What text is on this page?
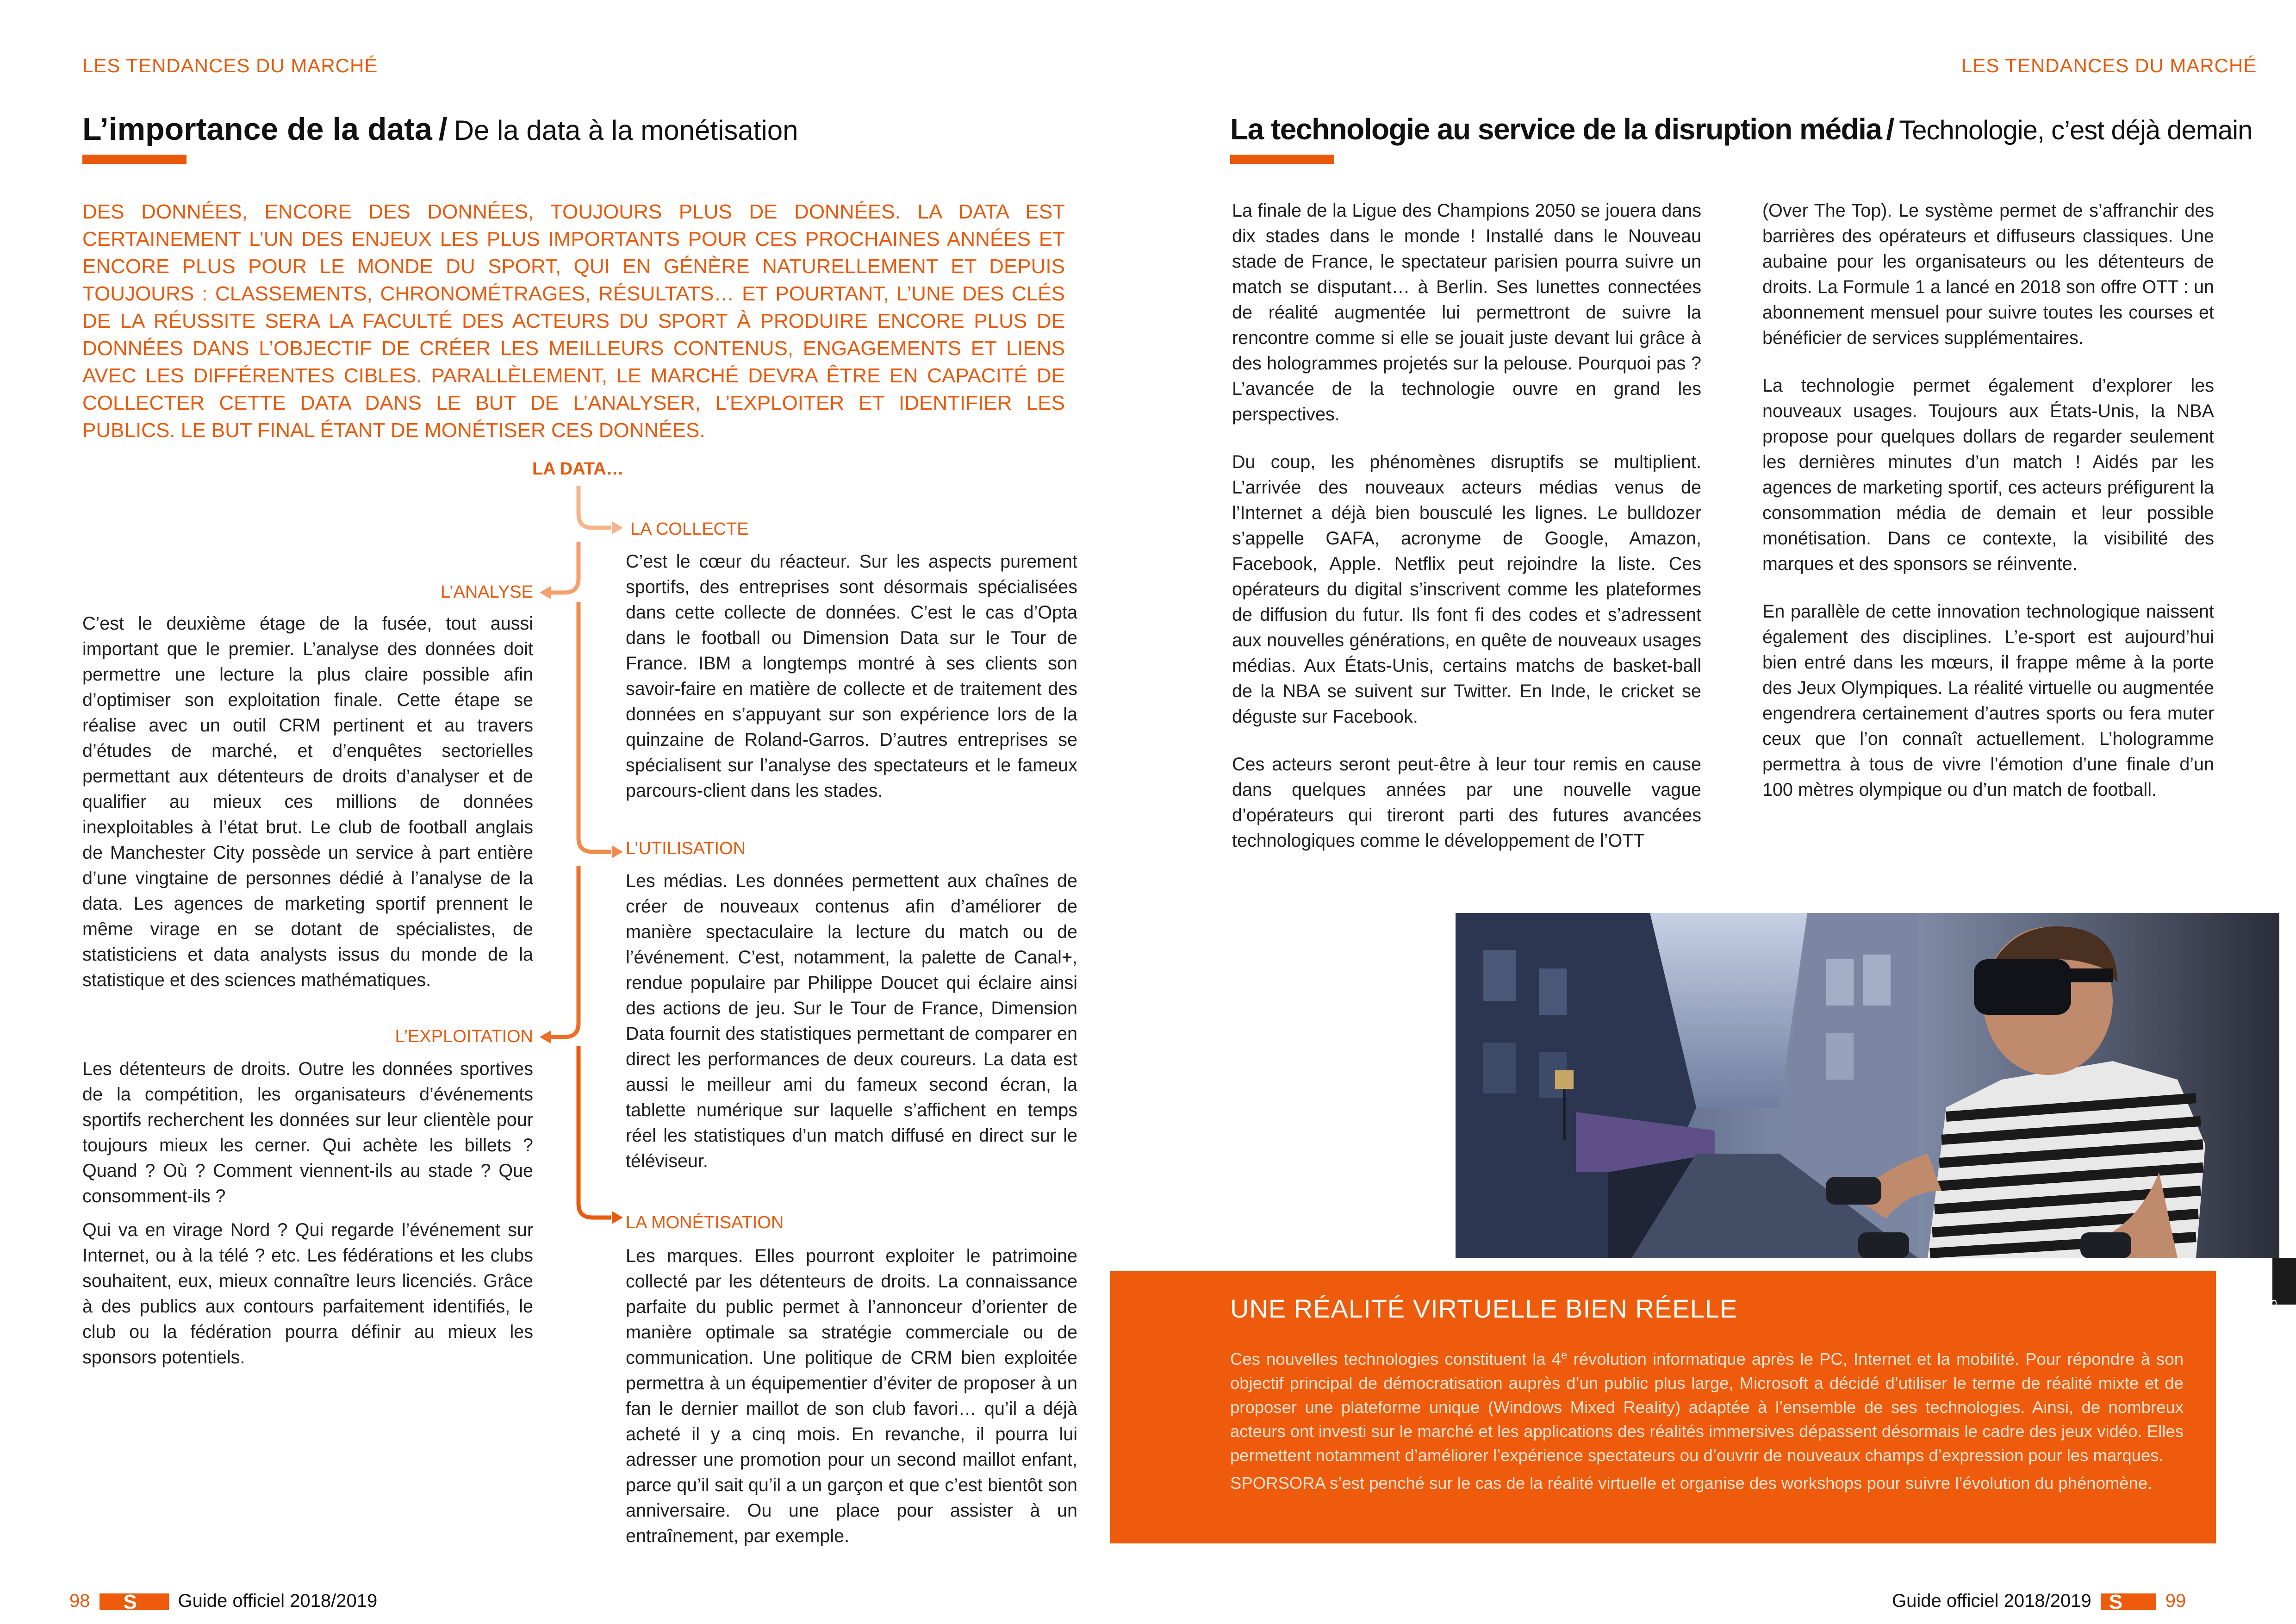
LES TENDANCES DU MARCHÉ
L’importance de la data / De la data à la monétisation
DES DONNÉES, ENCORE DES DONNÉES, TOUJOURS PLUS DE DONNÉES. LA DATA EST CERTAINEMENT L’UN DES ENJEUX LES PLUS IMPORTANTS POUR CES PROCHAINES ANNÉES ET ENCORE PLUS POUR LE MONDE DU SPORT, QUI EN GÉNÈRE NATURELLEMENT ET DEPUIS TOUJOURS : CLASSEMENTS, CHRONOMÉTRAGES, RÉSULTATS… ET POURTANT, L’UNE DES CLÉS DE LA RÉUSSITE SERA LA FACULTÉ DES ACTEURS DU SPORT À PRODUIRE ENCORE PLUS DE DONNÉES DANS L’OBJECTIF DE CRÉER LES MEILLEURS CONTENUS, ENGAGEMENTS ET LIENS AVEC LES DIFFÉRENTES CIBLES. PARALLÈLEMENT, LE MARCHÉ DEVRA ÊTRE EN CAPACITÉ DE COLLECTER CETTE DATA DANS LE BUT DE L’ANALYSER, L’EXPLOITER ET IDENTIFIER LES PUBLICS. LE BUT FINAL ÉTANT DE MONÉTISER CES DONNÉES.
LA DATA…
LA COLLECTE
C’est le cœur du réacteur. Sur les aspects purement sportifs, des entreprises sont désormais spécialisées dans cette collecte de données. C’est le cas d’Opta dans le football ou Dimension Data sur le Tour de France. IBM a longtemps montré à ses clients son savoir-faire en matière de collecte et de traitement des données en s’appuyant sur son expérience lors de la quinzaine de Roland-Garros. D’autres entreprises se spécialisent sur l’analyse des spectateurs et le fameux parcours-client dans les stades.
L’ANALYSE
C’est le deuxième étage de la fusée, tout aussi important que le premier. L’analyse des données doit permettre une lecture la plus claire possible afin d’optimiser son exploitation finale. Cette étape se réalise avec un outil CRM pertinent et au travers d’études de marché, et d’enquêtes sectorielles permettant aux détenteurs de droits d’analyser et de qualifier au mieux ces millions de données inexploitables à l’état brut. Le club de football anglais de Manchester City possède un service à part entière d’une vingtaine de personnes dédié à l’analyse de la data. Les agences de marketing sportif prennent le même virage en se dotant de spécialistes, de statisticiens et data analysts issus du monde de la statistique et des sciences mathématiques.
L’UTILISATION
Les médias. Les données permettent aux chaînes de créer de nouveaux contenus afin d’améliorer de manière spectaculaire la lecture du match ou de l’événement. C’est, notamment, la palette de Canal+, rendue populaire par Philippe Doucet qui éclaire ainsi des actions de jeu. Sur le Tour de France, Dimension Data fournit des statistiques permettant de comparer en direct les performances de deux coureurs. La data est aussi le meilleur ami du fameux second écran, la tablette numérique sur laquelle s’affichent en temps réel les statistiques d’un match diffusé en direct sur le téléviseur.
L’EXPLOITATION

Les détenteurs de droits. Outre les données sportives de la compétition, les organisateurs d’événements sportifs recherchent les données sur leur clientèle pour toujours mieux les cerner. Qui achète les billets ? Quand ? Où ? Comment viennent-ils au stade ? Que consomment-ils ?

Qui va en virage Nord ? Qui regarde l’événement sur Internet, ou à la télé ? etc. Les fédérations et les clubs souhaitent, eux, mieux connaître leurs licenciés. Grâce à des publics aux contours parfaitement identifiés, le club ou la fédération pourra définir au mieux les sponsors potentiels.

LA MONÉTISATION
Les marques. Elles pourront exploiter le patrimoine collecté par les détenteurs de droits. La connaissance parfaite du public permet à l’annonceur d’orienter de manière optimale sa stratégie commerciale ou de communication. Une politique de CRM bien exploitée permettra à un équipementier d’éviter de proposer à un fan le dernier maillot de son club favori… qu’il a déjà acheté il y a cinq mois. En revanche, il pourra lui adresser une promotion pour un second maillot enfant, parce qu’il sait qu’il a un garçon et que c’est bientôt son anniversaire. Ou une place pour assister à un entraînement, par exemple.
98 S Guide officiel 2018/2019
LES TENDANCES DU MARCHÉ
La technologie au service de la disruption média / Technologie, c’est déjà demain

La finale de la Ligue des Champions 2050 se jouera dans dix stades dans le monde ! Installé dans le Nouveau stade de France, le spectateur parisien pourra suivre un match se disputant… à Berlin. Ses lunettes connectées de réalité augmentée lui permettront de suivre la rencontre comme si elle se jouait juste devant lui grâce à des hologrammes projetés sur la pelouse. Pourquoi pas ? L’avancée de la technologie ouvre en grand les perspectives.

Du coup, les phénomènes disruptifs se multiplient. L’arrivée des nouveaux acteurs médias venus de l’Internet a déjà bien bousculé les lignes. Le bulldozer s’appelle GAFA, acronyme de Google, Amazon, Facebook, Apple. Netflix peut rejoindre la liste. Ces opérateurs du digital s’inscrivent comme les plateformes de diffusion du futur. Ils font fi des codes et s’adressent aux nouvelles générations, en quête de nouveaux usages médias. Aux États-Unis, certains matchs de basket-ball de la NBA se suivent sur Twitter. En Inde, le cricket se déguste sur Facebook.

Ces acteurs seront peut-être à leur tour remis en cause dans quelques années par une nouvelle vague d’opérateurs qui tireront parti des futures avancées technologiques comme le développement de l’OTT

(Over The Top). Le système permet de s’affranchir des barrières des opérateurs et diffuseurs classiques. Une aubaine pour les organisateurs ou les détenteurs de droits. La Formule 1 a lancé en 2018 son offre OTT : un abonnement mensuel pour suivre toutes les courses et bénéficier de services supplémentaires.

La technologie permet également d’explorer les nouveaux usages. Toujours aux États-Unis, la NBA propose pour quelques dollars de regarder seulement les dernières minutes d’un match ! Aidés par les agences de marketing sportif, ces acteurs préfigurent la consommation média de demain et leur possible monétisation. Dans ce contexte, la visibilité des marques et des sponsors se réinvente.

En parallèle de cette innovation technologique naissent également des disciplines. L’e-sport est aujourd’hui bien entré dans les mœurs, il frappe même à la porte des Jeux Olympiques. La réalité virtuelle ou augmentée engendrera certainement d’autres sports ou fera muter ceux que l’on connaît actuellement. L’hologramme permettra à tous de vivre l’émotion d’une finale d’un 100 mètres olympique ou d’un match de football.

© SAM YEH / AFP
UNE RÉALITÉ VIRTUELLE BIEN RÉELLE

Ces nouvelles technologies constituent la 4e révolution informatique après le PC, Internet et la mobilité. Pour répondre à son objectif principal de démocratisation auprès d’un public plus large, Microsoft a décidé d’utiliser le terme de réalité mixte et de proposer une plateforme unique (Windows Mixed Reality) adaptée à l’ensemble de ses technologies. Ainsi, de nombreux acteurs ont investi sur le marché et les applications des réalités immersives dépassent désormais le cadre des jeux vidéo. Elles permettent notamment d’améliorer l’expérience spectateurs ou d’ouvrir de nouveaux champs d’expression pour les marques.

SPORSORA s’est penché sur le cas de la réalité virtuelle et organise des workshops pour suivre l’évolution du phénomène.

Guide officiel 2018/2019 S 99
